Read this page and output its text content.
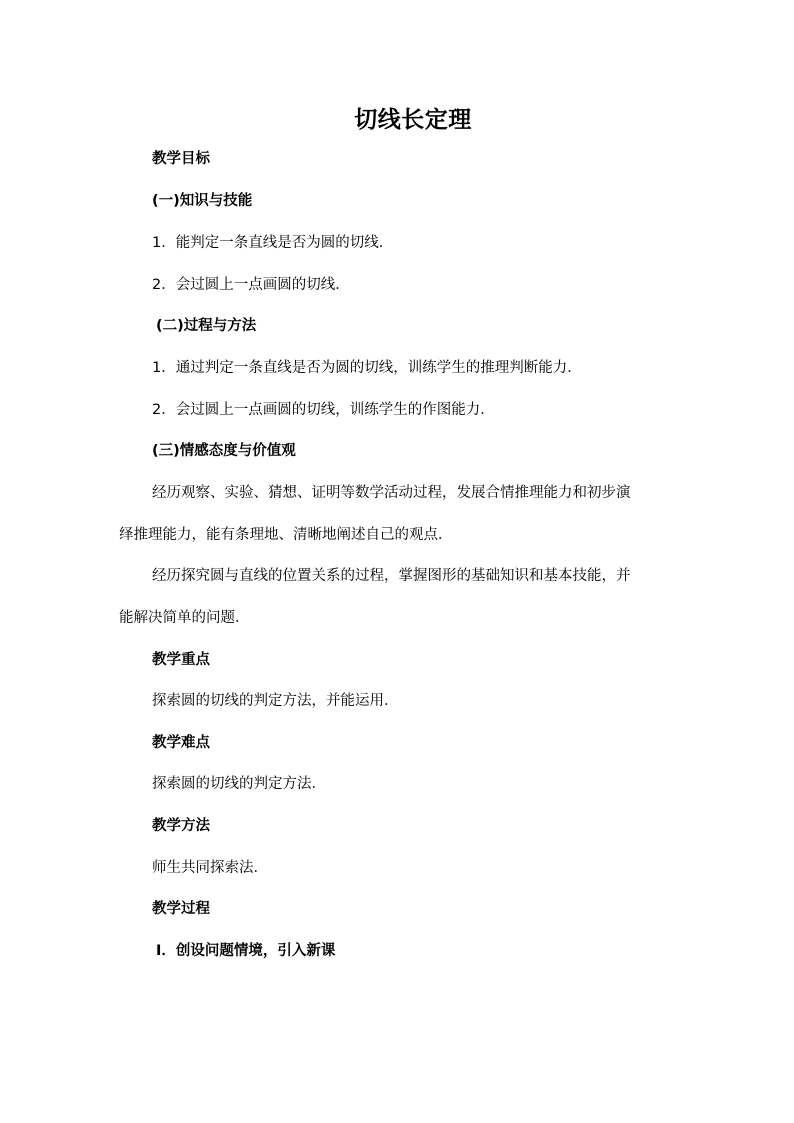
切线长定理
教学目标
(一)知识与技能
1．能判定一条直线是否为圆的切线．
2．会过圆上一点画圆的切线．
(二)过程与方法
1．通过判定一条直线是否为圆的切线，训练学生的推理判断能力．
2．会过圆上一点画圆的切线，训练学生的作图能力．
(三)情感态度与价值观
经历观察、实验、猜想、证明等数学活动过程，发展合情推理能力和初步演
绎推理能力，能有条理地、清晰地阐述自己的观点．
经历探究圆与直线的位置关系的过程，掌握图形的基础知识和基本技能，并
能解决简单的问题．
教学重点
探索圆的切线的判定方法，并能运用．
教学难点
探索圆的切线的判定方法．
教学方法
师生共同探索法．
教学过程
Ⅰ．创设问题情境，引入新课
